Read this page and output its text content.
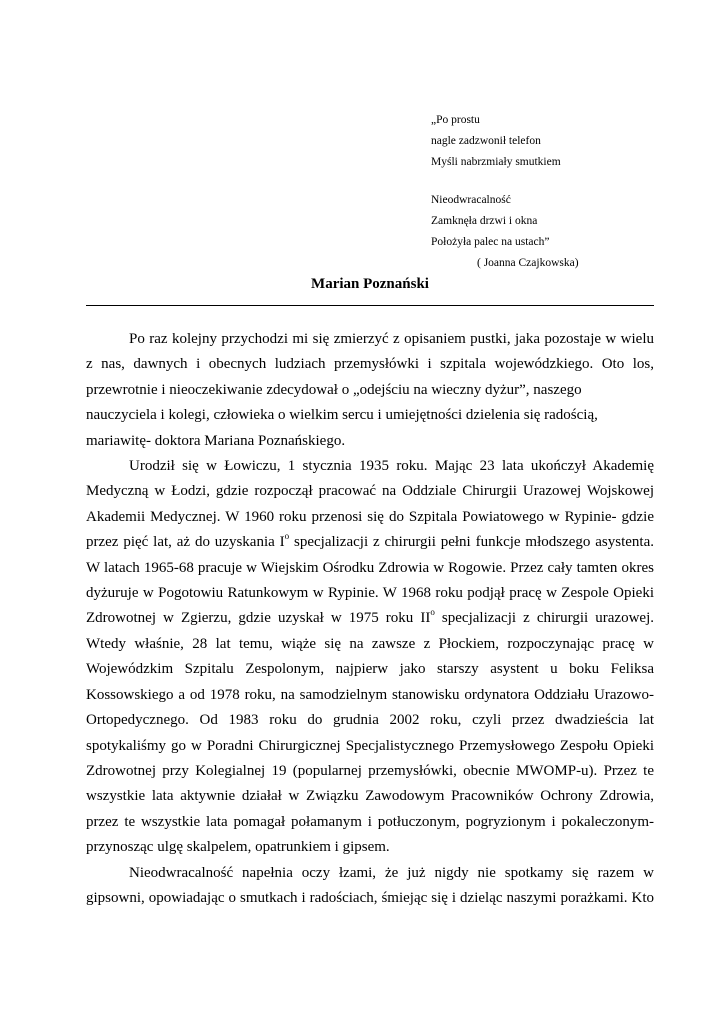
„Po prostu
nagle zadzwonił telefon
Myśli nabrzmiały smutkiem
Nieodwracalność
Zamknęła drzwi i okna
Położyła palec na ustach”
( Joanna Czajkowska)
Marian Poznański
Po raz kolejny przychodzi mi się zmierzyć z opisaniem pustki, jaka pozostaje w wielu
z nas, dawnych i obecnych ludziach przemysłówki i szpitala wojewódzkiego. Oto los,
przewrotnie i nieoczekiwanie zdecydował o „odejściu na wieczny dyżur”, naszego
nauczyciela i kolegi, człowieka o wielkim sercu i umiejętności dzielenia się radością,
mariawitę- doktora Mariana Poznańskiego.
Urodził się w Łowiczu, 1 stycznia 1935 roku. Mając 23 lata ukończył Akademię
Medyczną w Łodzi, gdzie rozpoczął pracować na Oddziale Chirurgii Urazowej Wojskowej
Akademii Medycznej. W 1960 roku przenosi się do Szpitala Powiatowego w Rypinie- gdzie
przez pięć lat, aż do uzyskania $I^o$ specjalizacji z chirurgii pełni funkcje młodszego asystenta.
W latach 1965-68 pracuje w Wiejskim Ośrodku Zdrowia w Rogowie. Przez cały tamten okres
dyżuruje w Pogotowiu Ratunkowym w Rypinie. W 1968 roku podjął pracę w Zespole Opieki
Zdrowotnej w Zgierzu, gdzie uzyskał w 1975 roku $II^o$ specjalizacji z chirurgii urazowej.
Wtedy właśnie, 28 lat temu, wiąże się na zawsze z Płockiem, rozpoczynając pracę w
Wojewódzkim Szpitalu Zespolonym, najpierw jako starszy asystent u boku Feliksa
Kossowskiego a od 1978 roku, na samodzielnym stanowisku ordynatora Oddziału Urazowo-
Ortopedycznego. Od 1983 roku do grudnia 2002 roku, czyli przez dwadzieścia lat
spotykaliśmy go w Poradni Chirurgicznej Specjalistycznego Przemysłowego Zespołu Opieki
Zdrowotnej przy Kolegialnej 19 (popularnej przemysłówki, obecnie MWOMP-u). Przez te
wszystkie lata aktywnie działał w Związku Zawodowym Pracowników Ochrony Zdrowia,
przez te wszystkie lata pomagał połamanym i potłuczonym, pogryzionym i pokaleczonym-
przynosząc ulgę skalpelem, opatrunkiem i gipsem.
Nieodwracalność napełnia oczy łzami, że już nigdy nie spotkamy się razem w
gipsowni, opowiadając o smutkach i radościach, śmiejąc się i dzieląc naszymi porażkami. Kto
